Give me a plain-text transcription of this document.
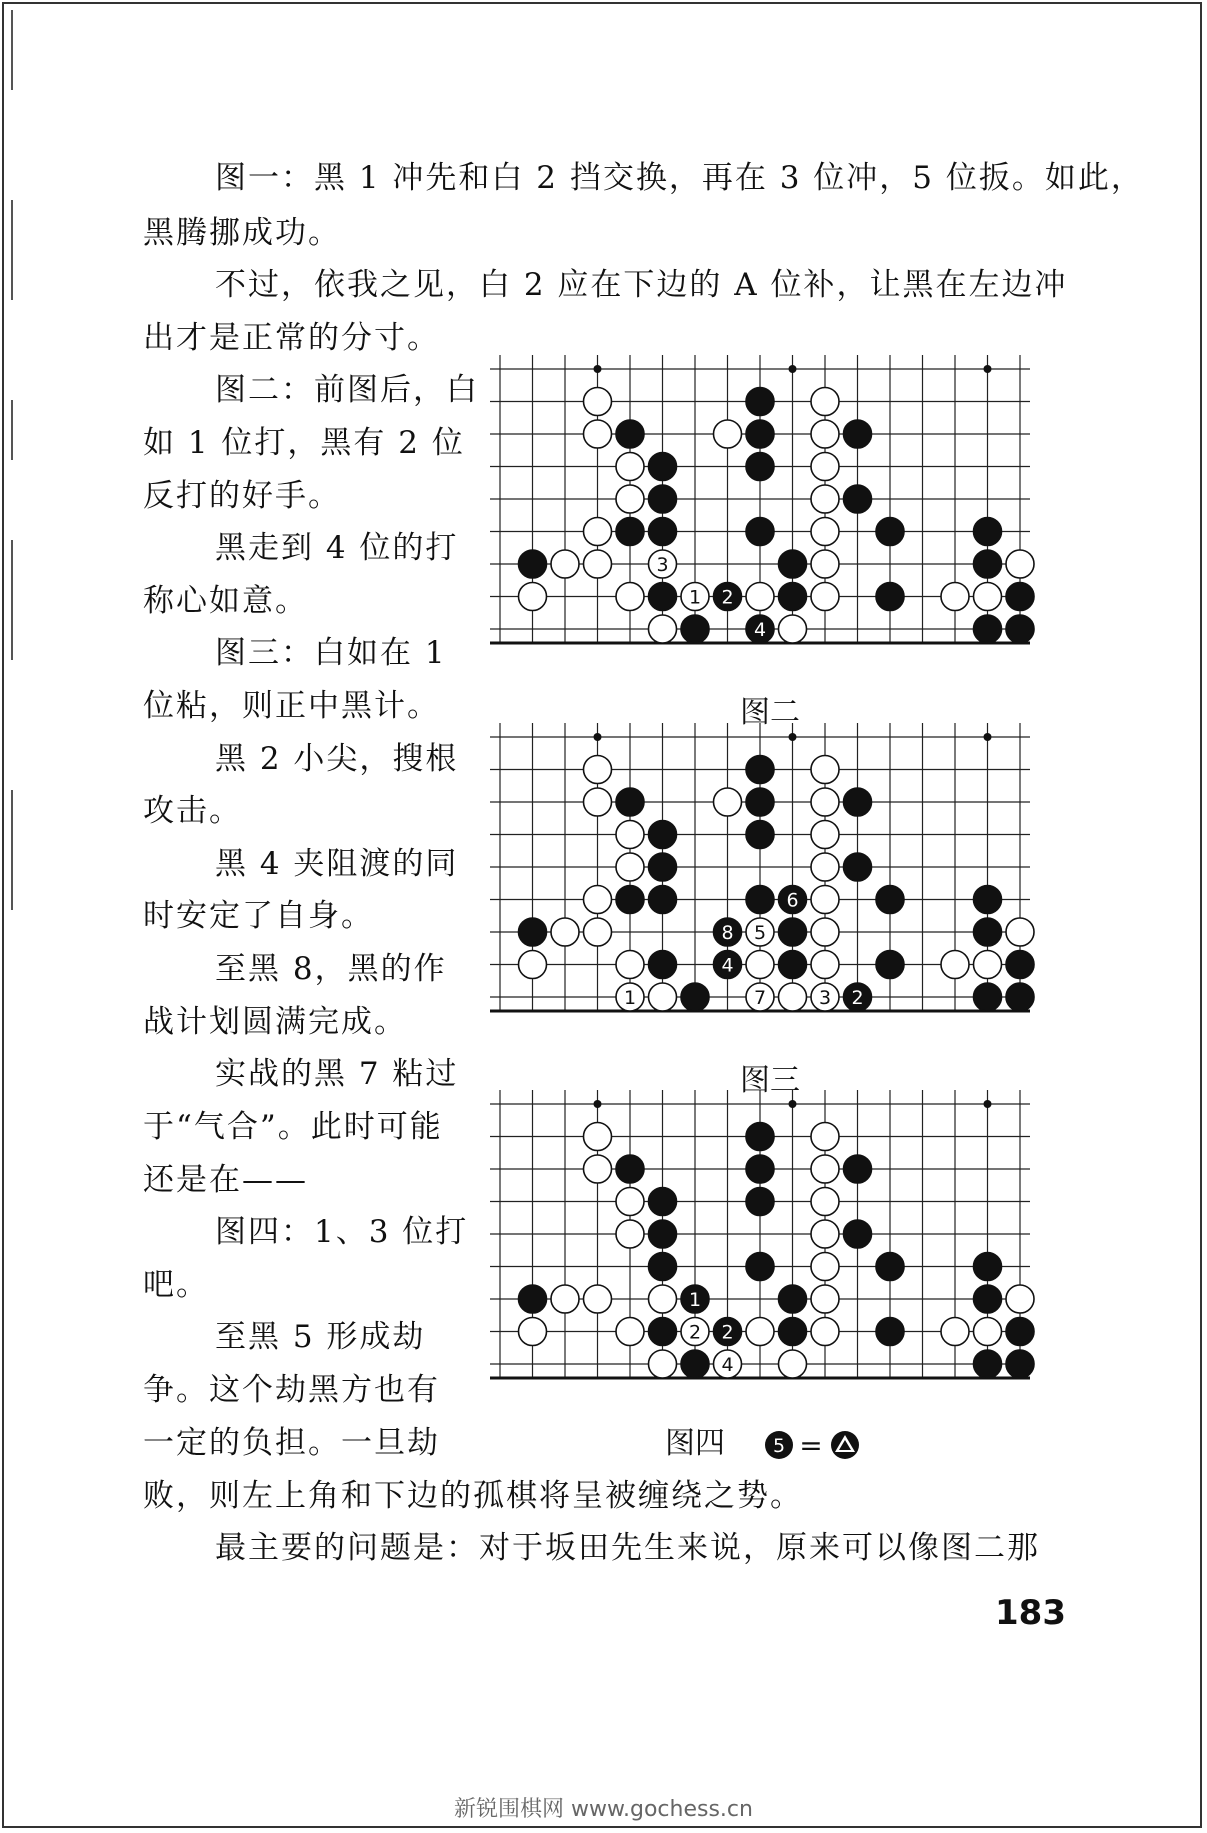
图一：黑 1 冲先和白 2 挡交换，再在 3 位冲，5 位扳。如此，
黑腾挪成功。
不过，依我之见，白 2 应在下边的 A 位补，让黑在左边冲
出才是正常的分寸。
图二：前图后，白
如 1 位打，黑有 2 位
反打的好手。
黑走到 4 位的打
称心如意。
图三：白如在 1
位粘，则正中黑计。
黑 2 小尖，搜根
攻击。
黑 4 夹阻渡的同
时安定了自身。
至黑 8，黑的作
战计划圆满完成。
实战的黑 7 粘过
于“气合”。此时可能
还是在——
图四：1、3 位打
吧。
至黑 5 形成劫
争。这个劫黑方也有
一定的负担。一旦劫
败，则左上角和下边的孤棋将呈被缠绕之势。
最主要的问题是：对于坂田先生来说，原来可以像图二那
3
1 2
4
图二
6
8 5
4
1	7	3 2
图三
1
2 2
4
图四	5 =
183
新锐围棋网 www.gochess.cn
